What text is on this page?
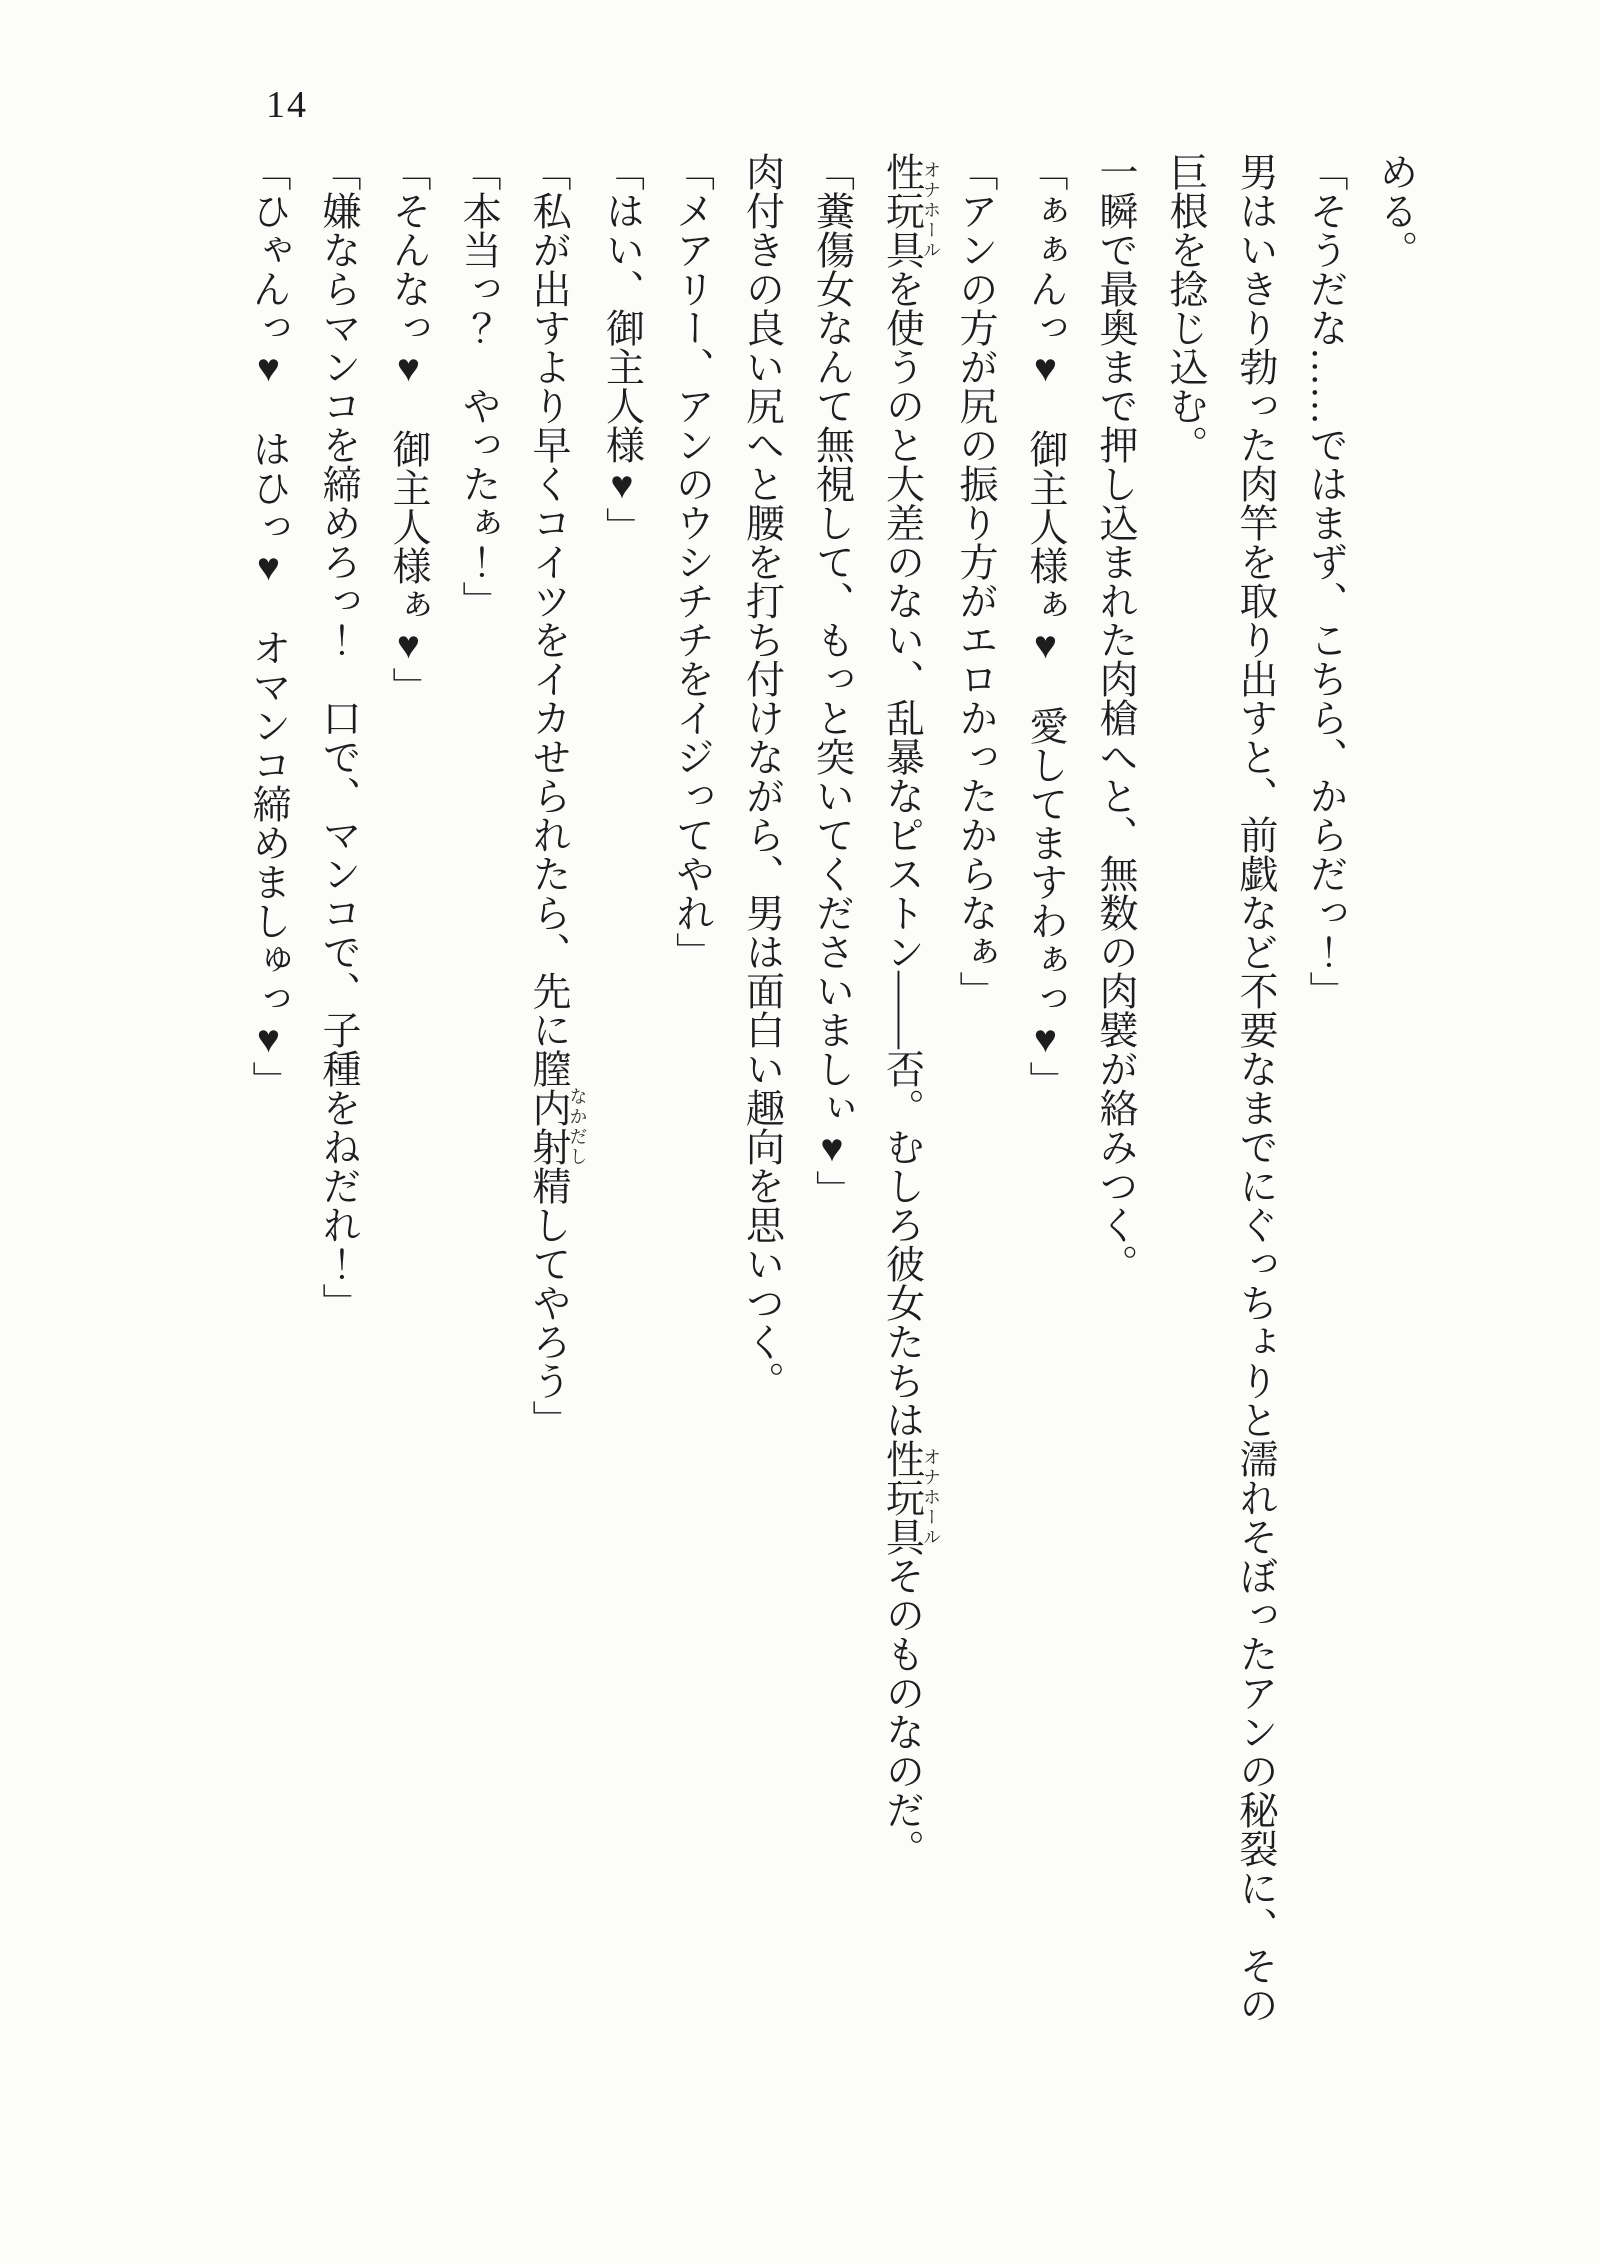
14

める。

「そうだな……ではまず、こちら、からだっ！」

男はいきり勃った肉竿を取り出すと、前戯など不要なまでにぐっちょりと濡れそぼったアンの秘裂に、その

巨根を捻じ込む。

一瞬で最奥まで押し込まれた肉槍へと、無数の肉襞が絡みつく。

「ぁぁんっ♥　御主人様ぁ♥　愛してますわぁっ♥」

「アンの方が尻の振り方がエロかったからなぁ」

性玩具オナホールを使うのと大差のない、乱暴なピストン――否。むしろ彼女たちは性玩具オナホールそのものなのだ。

「糞傷女なんて無視して、もっと突いてくださいましぃ♥」

肉付きの良い尻へと腰を打ち付けながら、男は面白い趣向を思いつく。

「メアリー、アンのウシチチをイジってやれ」

「はい、御主人様♥」

「私が出すより早くコイツをイカせられたら、先に膣内射精なかだししてやろう」

「本当っ？　やったぁ！」

「そんなっ♥　御主人様ぁ♥」

「嫌ならマンコを締めろっ！　口で、マンコで、子種をねだれ！」

「ひゃんっ♥　はひっ♥　オマンコ締めましゅっ♥」
